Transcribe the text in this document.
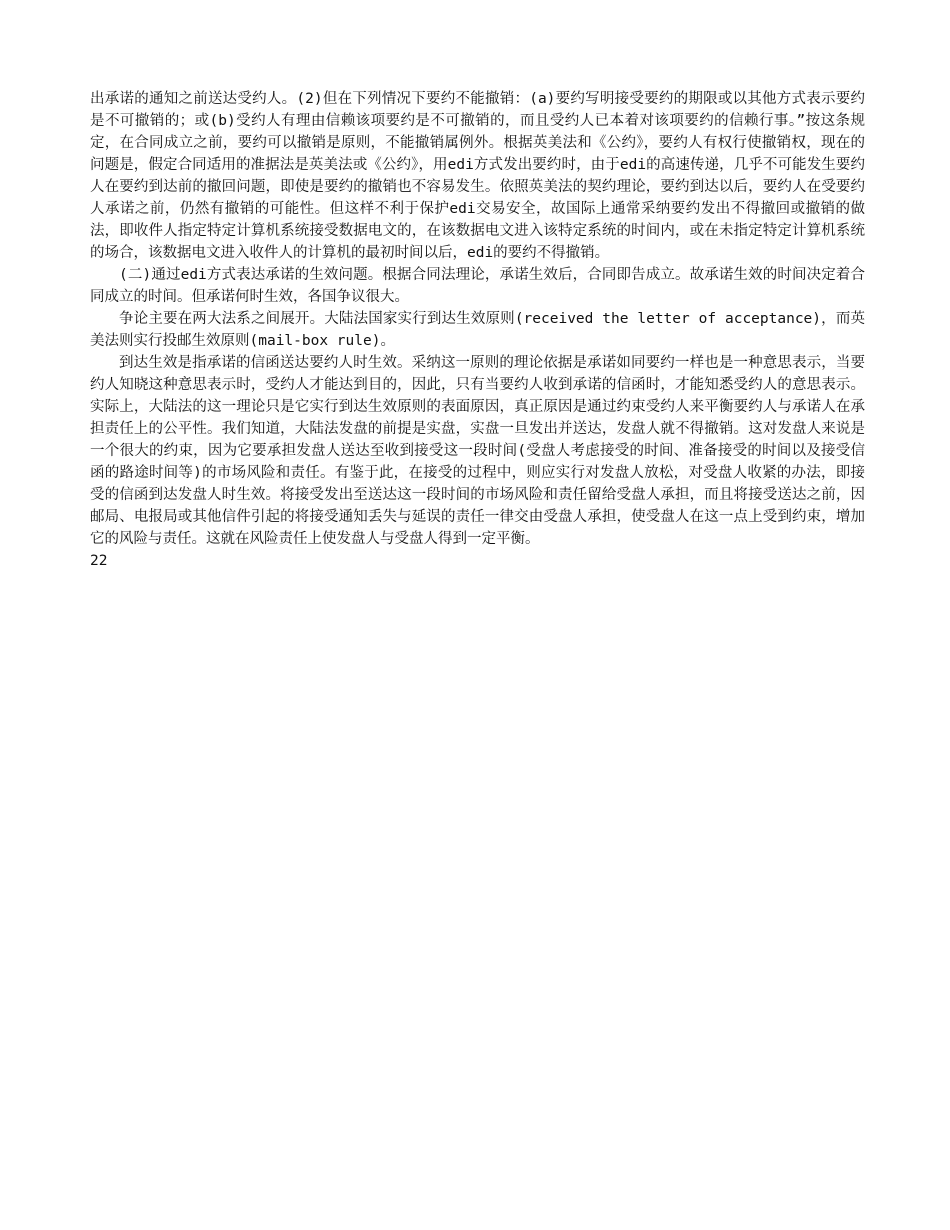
出承诺的通知之前送达受约人。(2)但在下列情况下要约不能撤销：(a)要约写明接受要约的期限或以其他方式表示要约是不可撤销的；或(b)受约人有理由信赖该项要约是不可撤销的，而且受约人已本着对该项要约的信赖行事。”按这条规定，在合同成立之前，要约可以撤销是原则，不能撤销属例外。根据英美法和《公约》，要约人有权行使撤销权，现在的问题是，假定合同适用的准据法是英美法或《公约》，用edi方式发出要约时，由于edi的高速传递，几乎不可能发生要约人在要约到达前的撤回问题，即使是要约的撤销也不容易发生。依照英美法的契约理论，要约到达以后，要约人在受要约人承诺之前，仍然有撤销的可能性。但这样不利于保护edi交易安全，故国际上通常采纳要约发出不得撤回或撤销的做法，即收件人指定特定计算机系统接受数据电文的，在该数据电文进入该特定系统的时间内，或在未指定特定计算机系统的场合，该数据电文进入收件人的计算机的最初时间以后，edi的要约不得撤销。

(二)通过edi方式表达承诺的生效问题。根据合同法理论，承诺生效后，合同即告成立。故承诺生效的时间决定着合同成立的时间。但承诺何时生效，各国争议很大。

争论主要在两大法系之间展开。大陆法国家实行到达生效原则(received the letter of acceptance)，而英美法则实行投邮生效原则(mail-box rule)。

到达生效是指承诺的信函送达要约人时生效。采纳这一原则的理论依据是承诺如同要约一样也是一种意思表示，当要约人知晓这种意思表示时，受约人才能达到目的，因此，只有当要约人收到承诺的信函时，才能知悉受约人的意思表示。实际上，大陆法的这一理论只是它实行到达生效原则的表面原因，真正原因是通过约束受约人来平衡要约人与承诺人在承担责任上的公平性。我们知道，大陆法发盘的前提是实盘，实盘一旦发出并送达，发盘人就不得撤销。这对发盘人来说是一个很大的约束，因为它要承担发盘人送达至收到接受这一段时间(受盘人考虑接受的时间、准备接受的时间以及接受信函的路途时间等)的市场风险和责任。有鉴于此，在接受的过程中，则应实行对发盘人放松，对受盘人收紧的办法，即接受的信函到达发盘人时生效。将接受发出至送达这一段时间的市场风险和责任留给受盘人承担，而且将接受送达之前，因邮局、电报局或其他信件引起的将接受通知丢失与延误的责任一律交由受盘人承担，使受盘人在这一点上受到约束，增加它的风险与责任。这就在风险责任上使发盘人与受盘人得到一定平衡。

22
